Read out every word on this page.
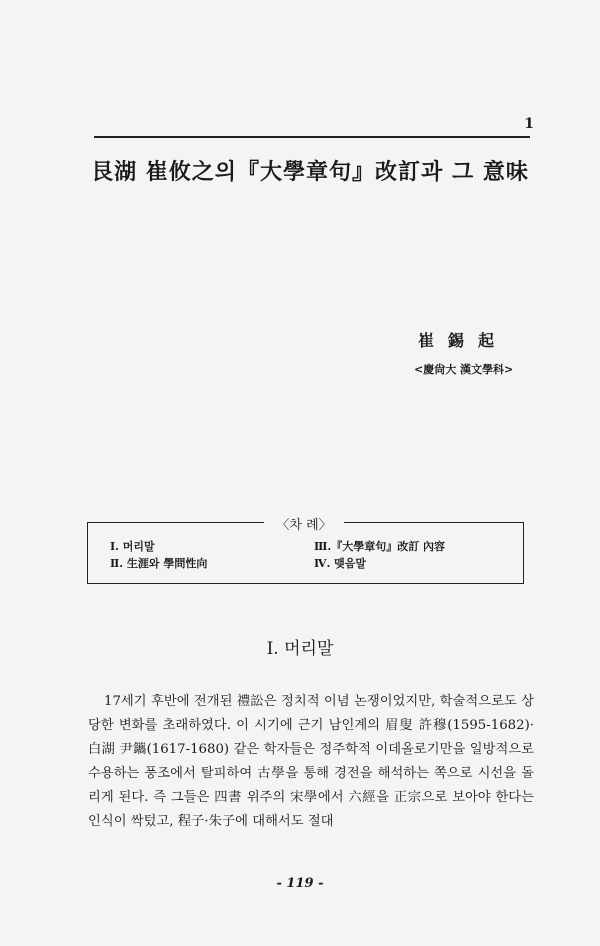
1
艮湖 崔攸之의『大學章句』改訂과 그 意味
崔錫起
<慶尙大 漢文學科>
〈차 례〉
Ⅰ. 머리말
Ⅱ. 生涯와 學問性向
Ⅲ.『大學章句』改訂 內容
Ⅳ. 맺음말
Ⅰ. 머리말

17세기 후반에 전개된 禮訟은 정치적 이념 논쟁이었지만, 학술적으로도 상당한 변화를 초래하였다. 이 시기에 근기 남인계의 眉叟 許穆(1595-1682)·白湖 尹鑴(1617-1680) 같은 학자들은 정주학적 이데올로기만을 일방적으로 수용하는 풍조에서 탈피하여 古學을 통해 경전을 해석하는 쪽으로 시선을 돌리게 된다. 즉 그들은 四書 위주의 宋學에서 六經을 正宗으로 보아야 한다는 인식이 싹텄고, 程子·朱子에 대해서도 절대

- 119 -
